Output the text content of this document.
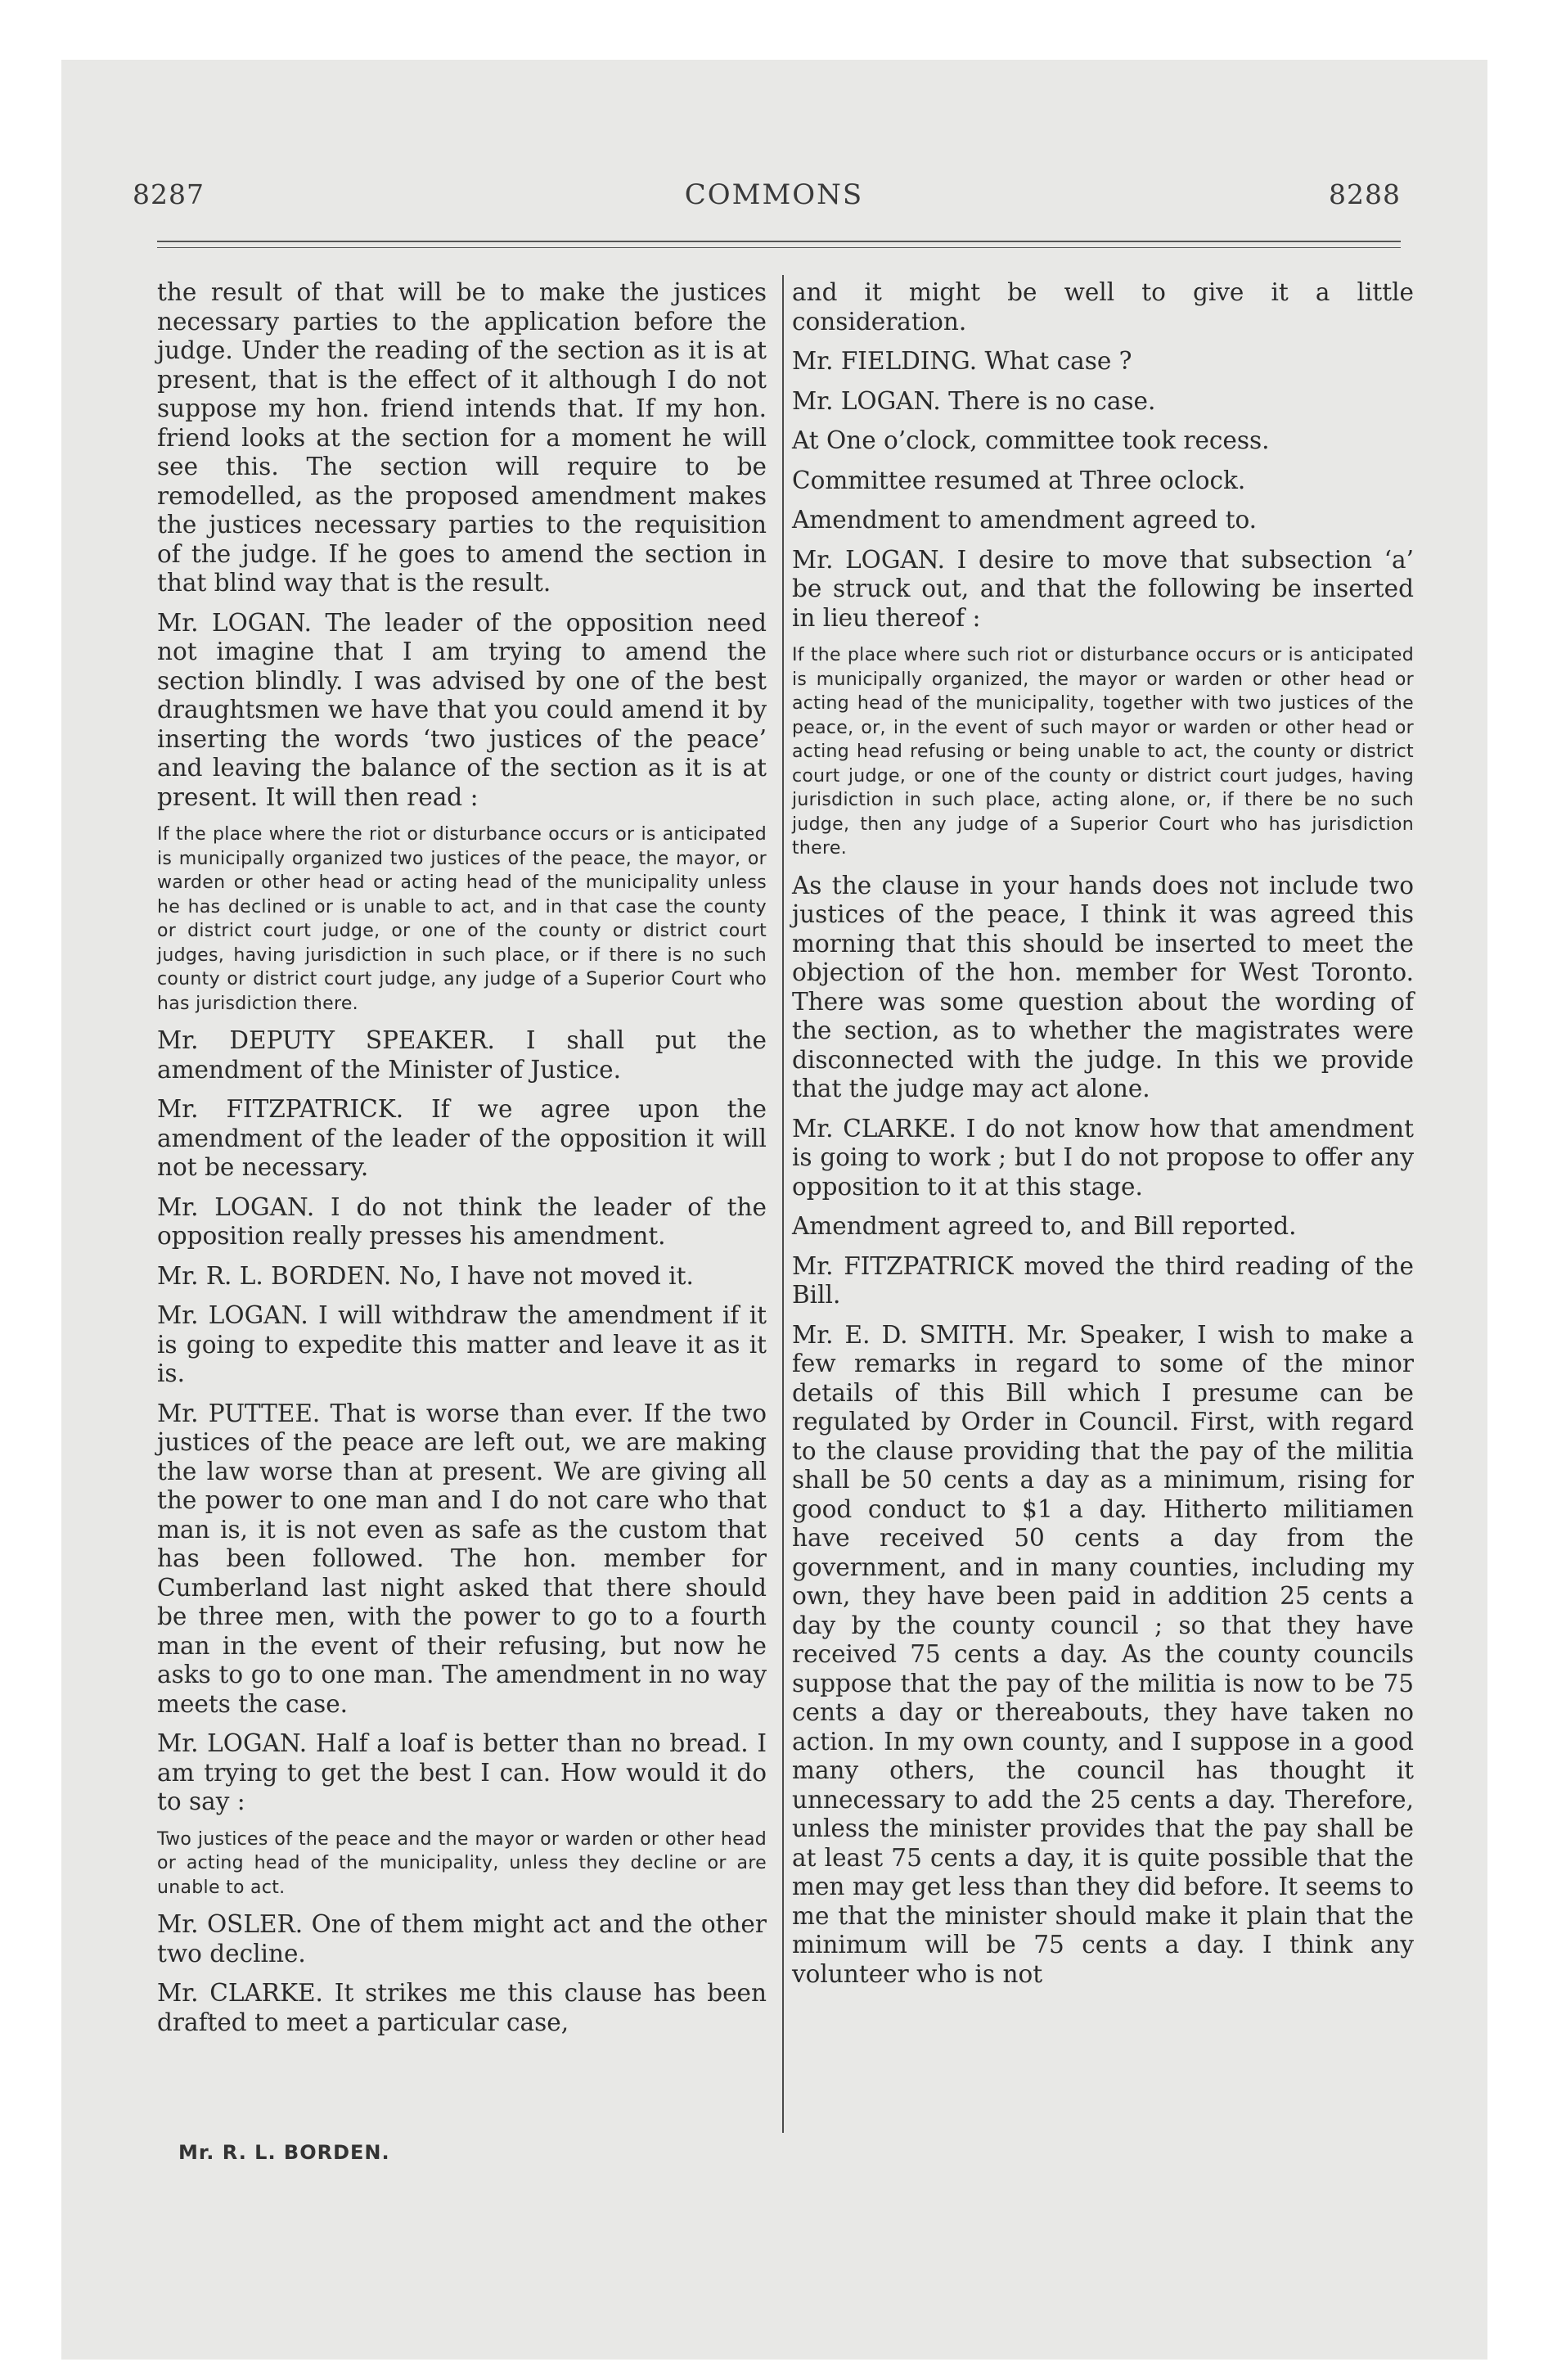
8287	COMMONS	8288

the result of that will be to make the justices necessary parties to the application before the judge. Under the reading of the section as it is at present, that is the effect of it although I do not suppose my hon. friend intends that. If my hon. friend looks at the section for a moment he will see this. The section will require to be remodelled, as the proposed amendment makes the justices necessary parties to the requisition of the judge. If he goes to amend the section in that blind way that is the result.

Mr. LOGAN. The leader of the opposition need not imagine that I am trying to amend the section blindly. I was advised by one of the best draughtsmen we have that you could amend it by inserting the words ‘two justices of the peace’ and leaving the balance of the section as it is at present. It will then read :

If the place where the riot or disturbance occurs or is anticipated is municipally organized two justices of the peace, the mayor, or warden or other head or acting head of the municipality unless he has declined or is unable to act, and in that case the county or district court judge, or one of the county or district court judges, having jurisdiction in such place, or if there is no such county or district court judge, any judge of a Superior Court who has jurisdiction there.

Mr. DEPUTY SPEAKER. I shall put the amendment of the Minister of Justice.

Mr. FITZPATRICK. If we agree upon the amendment of the leader of the opposition it will not be necessary.

Mr. LOGAN. I do not think the leader of the opposition really presses his amendment.

Mr. R. L. BORDEN. No, I have not moved it.

Mr. LOGAN. I will withdraw the amendment if it is going to expedite this matter and leave it as it is.

Mr. PUTTEE. That is worse than ever. If the two justices of the peace are left out, we are making the law worse than at present. We are giving all the power to one man and I do not care who that man is, it is not even as safe as the custom that has been followed. The hon. member for Cumberland last night asked that there should be three men, with the power to go to a fourth man in the event of their refusing, but now he asks to go to one man. The amendment in no way meets the case.

Mr. LOGAN. Half a loaf is better than no bread. I am trying to get the best I can. How would it do to say :

Two justices of the peace and the mayor or warden or other head or acting head of the municipality, unless they decline or are unable to act.

Mr. OSLER. One of them might act and the other two decline.

Mr. CLARKE. It strikes me this clause has been drafted to meet a particular case,

and it might be well to give it a little consideration.

Mr. FIELDING. What case ?

Mr. LOGAN. There is no case.

At One o’clock, committee took recess.

Committee resumed at Three oclock.

Amendment to amendment agreed to.

Mr. LOGAN. I desire to move that subsection ‘a’ be struck out, and that the following be inserted in lieu thereof :

If the place where such riot or disturbance occurs or is anticipated is municipally organized, the mayor or warden or other head or acting head of the municipality, together with two justices of the peace, or, in the event of such mayor or warden or other head or acting head refusing or being unable to act, the county or district court judge, or one of the county or district court judges, having jurisdiction in such place, acting alone, or, if there be no such judge, then any judge of a Superior Court who has jurisdiction there.

As the clause in your hands does not include two justices of the peace, I think it was agreed this morning that this should be inserted to meet the objection of the hon. member for West Toronto. There was some question about the wording of the section, as to whether the magistrates were disconnected with the judge. In this we provide that the judge may act alone.

Mr. CLARKE. I do not know how that amendment is going to work ; but I do not propose to offer any opposition to it at this stage.

Amendment agreed to, and Bill reported.

Mr. FITZPATRICK moved the third reading of the Bill.

Mr. E. D. SMITH. Mr. Speaker, I wish to make a few remarks in regard to some of the minor details of this Bill which I presume can be regulated by Order in Council. First, with regard to the clause providing that the pay of the militia shall be 50 cents a day as a minimum, rising for good conduct to $1 a day. Hitherto militiamen have received 50 cents a day from the government, and in many counties, including my own, they have been paid in addition 25 cents a day by the county council ; so that they have received 75 cents a day. As the county councils suppose that the pay of the militia is now to be 75 cents a day or thereabouts, they have taken no action. In my own county, and I suppose in a good many others, the council has thought it unnecessary to add the 25 cents a day. Therefore, unless the minister provides that the pay shall be at least 75 cents a day, it is quite possible that the men may get less than they did before. It seems to me that the minister should make it plain that the minimum will be 75 cents a day. I think any volunteer who is not

Mr. R. L. BORDEN.
